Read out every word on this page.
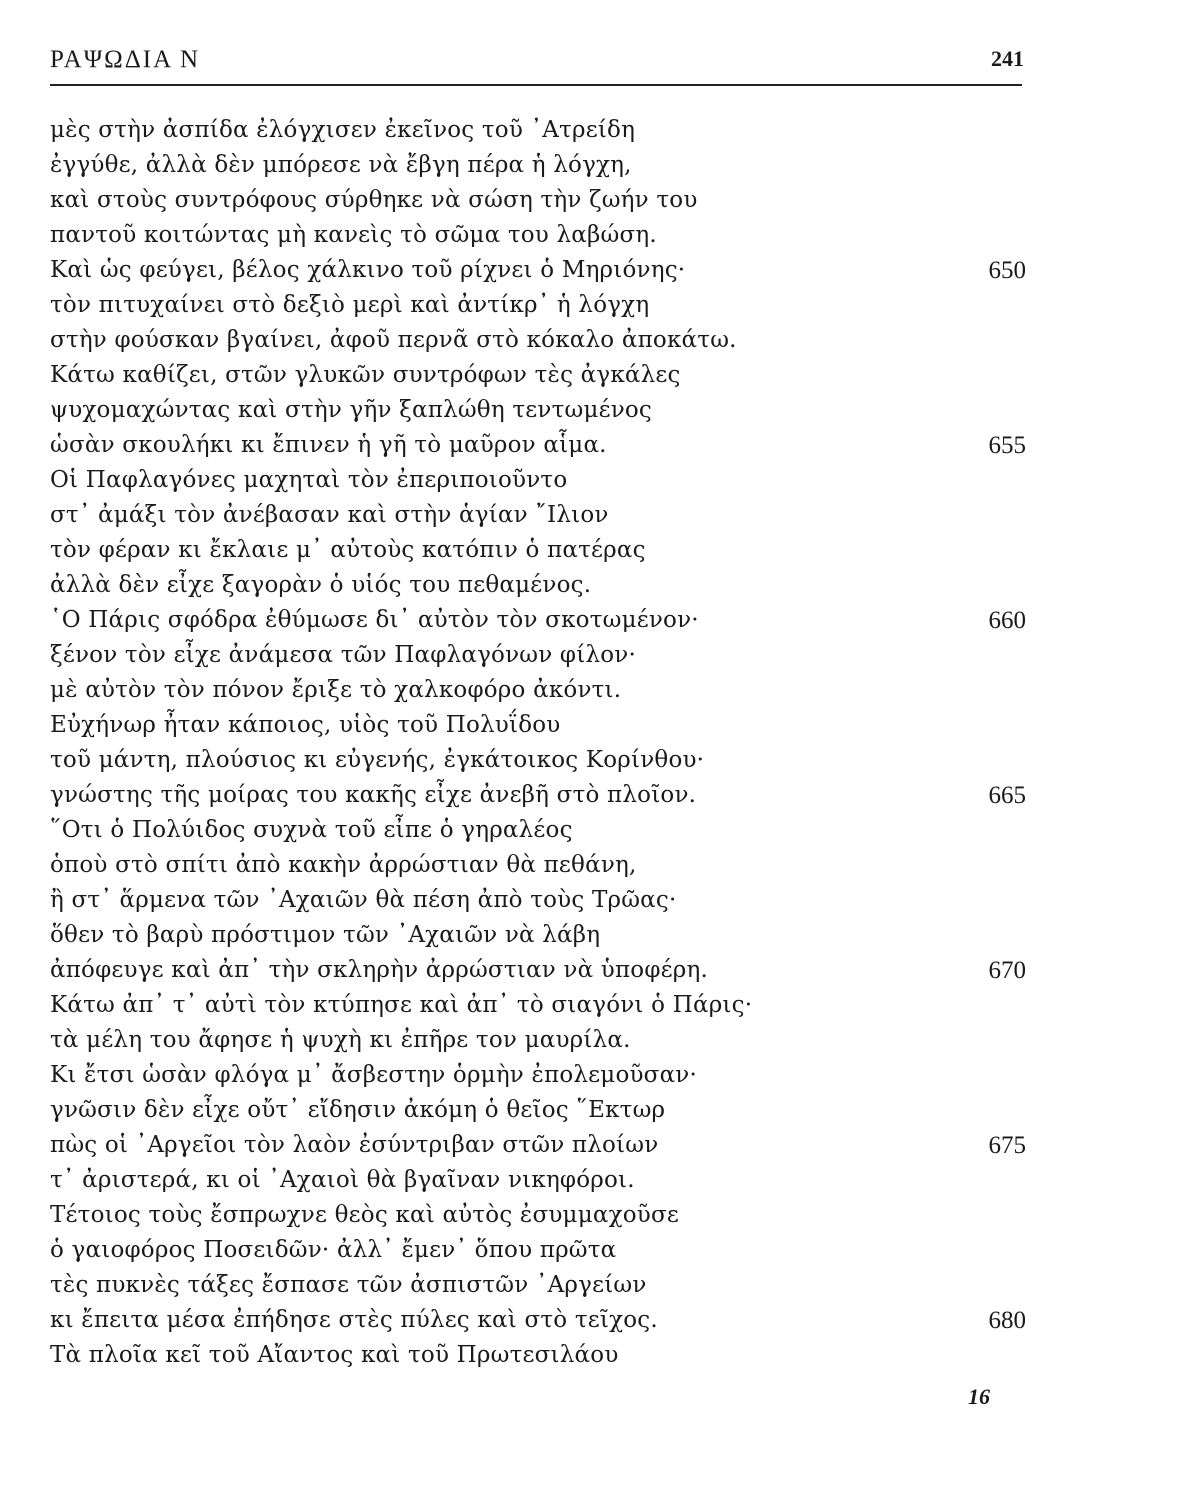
ΡΑΨΩΔΙΑ Ν	241
μὲς στὴν ἀσπίδα ἐλόγχισεν ἐκεῖνος τοῦ ᾿Ατρείδη
ἐγγύθε, ἀλλὰ δὲν μπόρεσε νὰ ἔβγη πέρα ἡ λόγχη,
καὶ στοὺς συντρόφους σύρθηκε νὰ σώση τὴν ζωήν του
παντοῦ κοιτώντας μὴ κανεὶς τὸ σῶμα του λαβώση.
Καὶ ὡς φεύγει, βέλος χάλκινο τοῦ ρίχνει ὁ Μηριόνης·	650
τὸν πιτυχαίνει στὸ δεξιὸ μερὶ καὶ ἀντίκρ᾿ ἡ λόγχη
στὴν φούσκαν βγαίνει, ἀφοῦ περνᾶ στὸ κόκαλο ἀποκάτω.
Κάτω καθίζει, στῶν γλυκῶν συντρόφων τὲς ἀγκάλες
ψυχομαχώντας καὶ στὴν γῆν ξαπλώθη τεντωμένος
ὡσὰν σκουλήκι κι ἔπινεν ἡ γῆ τὸ μαῦρον αἷμα.	655
Οἱ Παφλαγόνες μαχηταὶ τὸν ἐπεριποιοῦντο
στ᾿ ἀμάξι τὸν ἀνέβασαν καὶ στὴν ἁγίαν ῎Ιλιον
τὸν φέραν κι ἔκλαιε μ᾿ αὐτοὺς κατόπιν ὁ πατέρας
ἀλλὰ δὲν εἶχε ξαγορὰν ὁ υἱός του πεθαμένος.
῾Ο Πάρις σφόδρα ἐθύμωσε δι᾿ αὐτὸν τὸν σκοτωμένον·	660
ξένον τὸν εἶχε ἀνάμεσα τῶν Παφλαγόνων φίλον·
μὲ αὐτὸν τὸν πόνον ἔριξε τὸ χαλκοφόρο ἀκόντι.
Εὐχήνωρ ἦταν κάποιος, υἱὸς τοῦ Πολυΐδου
τοῦ μάντη, πλούσιος κι εὐγενής, ἐγκάτοικος Κορίνθου·
γνώστης τῆς μοίρας του κακῆς εἶχε ἀνεβῆ στὸ πλοῖον.	665
῞Οτι ὁ Πολύιδος συχνὰ τοῦ εἶπε ὁ γηραλέος
ὁποὺ στὸ σπίτι ἀπὸ κακὴν ἀρρώστιαν θὰ πεθάνη,
ἢ στ᾿ ἅρμενα τῶν ᾿Αχαιῶν θὰ πέση ἀπὸ τοὺς Τρῶας·
ὅθεν τὸ βαρὺ πρόστιμον τῶν ᾿Αχαιῶν νὰ λάβη
ἀπόφευγε καὶ ἀπ᾿ τὴν σκληρὴν ἀρρώστιαν νὰ ὑποφέρη.	670
Κάτω ἀπ᾿ τ᾿ αὐτὶ τὸν κτύπησε καὶ ἀπ᾿ τὸ σιαγόνι ὁ Πάρις·
τὰ μέλη του ἄφησε ἡ ψυχὴ κι ἐπῆρε τον μαυρίλα.
Κι ἔτσι ὡσὰν φλόγα μ᾿ ἄσβεστην ὁρμὴν ἐπολεμοῦσαν·
γνῶσιν δὲν εἶχε οὔτ᾿ εἴδησιν ἀκόμη ὁ θεῖος ῞Εκτωρ
πὼς οἱ ᾿Αργεῖοι τὸν λαὸν ἐσύντριβαν στῶν πλοίων	675
τ᾿ ἀριστερά, κι οἱ ᾿Αχαιοὶ θὰ βγαῖναν νικηφόροι.
Τέτοιος τοὺς ἔσπρωχνε θεὸς καὶ αὐτὸς ἐσυμμαχοῦσε
ὁ γαιοφόρος Ποσειδῶν· ἀλλ᾿ ἔμεν᾿ ὅπου πρῶτα
τὲς πυκνὲς τάξες ἔσπασε τῶν ἀσπιστῶν ᾿Αργείων
κι ἔπειτα μέσα ἐπήδησε στὲς πύλες καὶ στὸ τεῖχος.	680
Τὰ πλοῖα κεῖ τοῦ Αἴαντος καὶ τοῦ Πρωτεσιλάου
16
